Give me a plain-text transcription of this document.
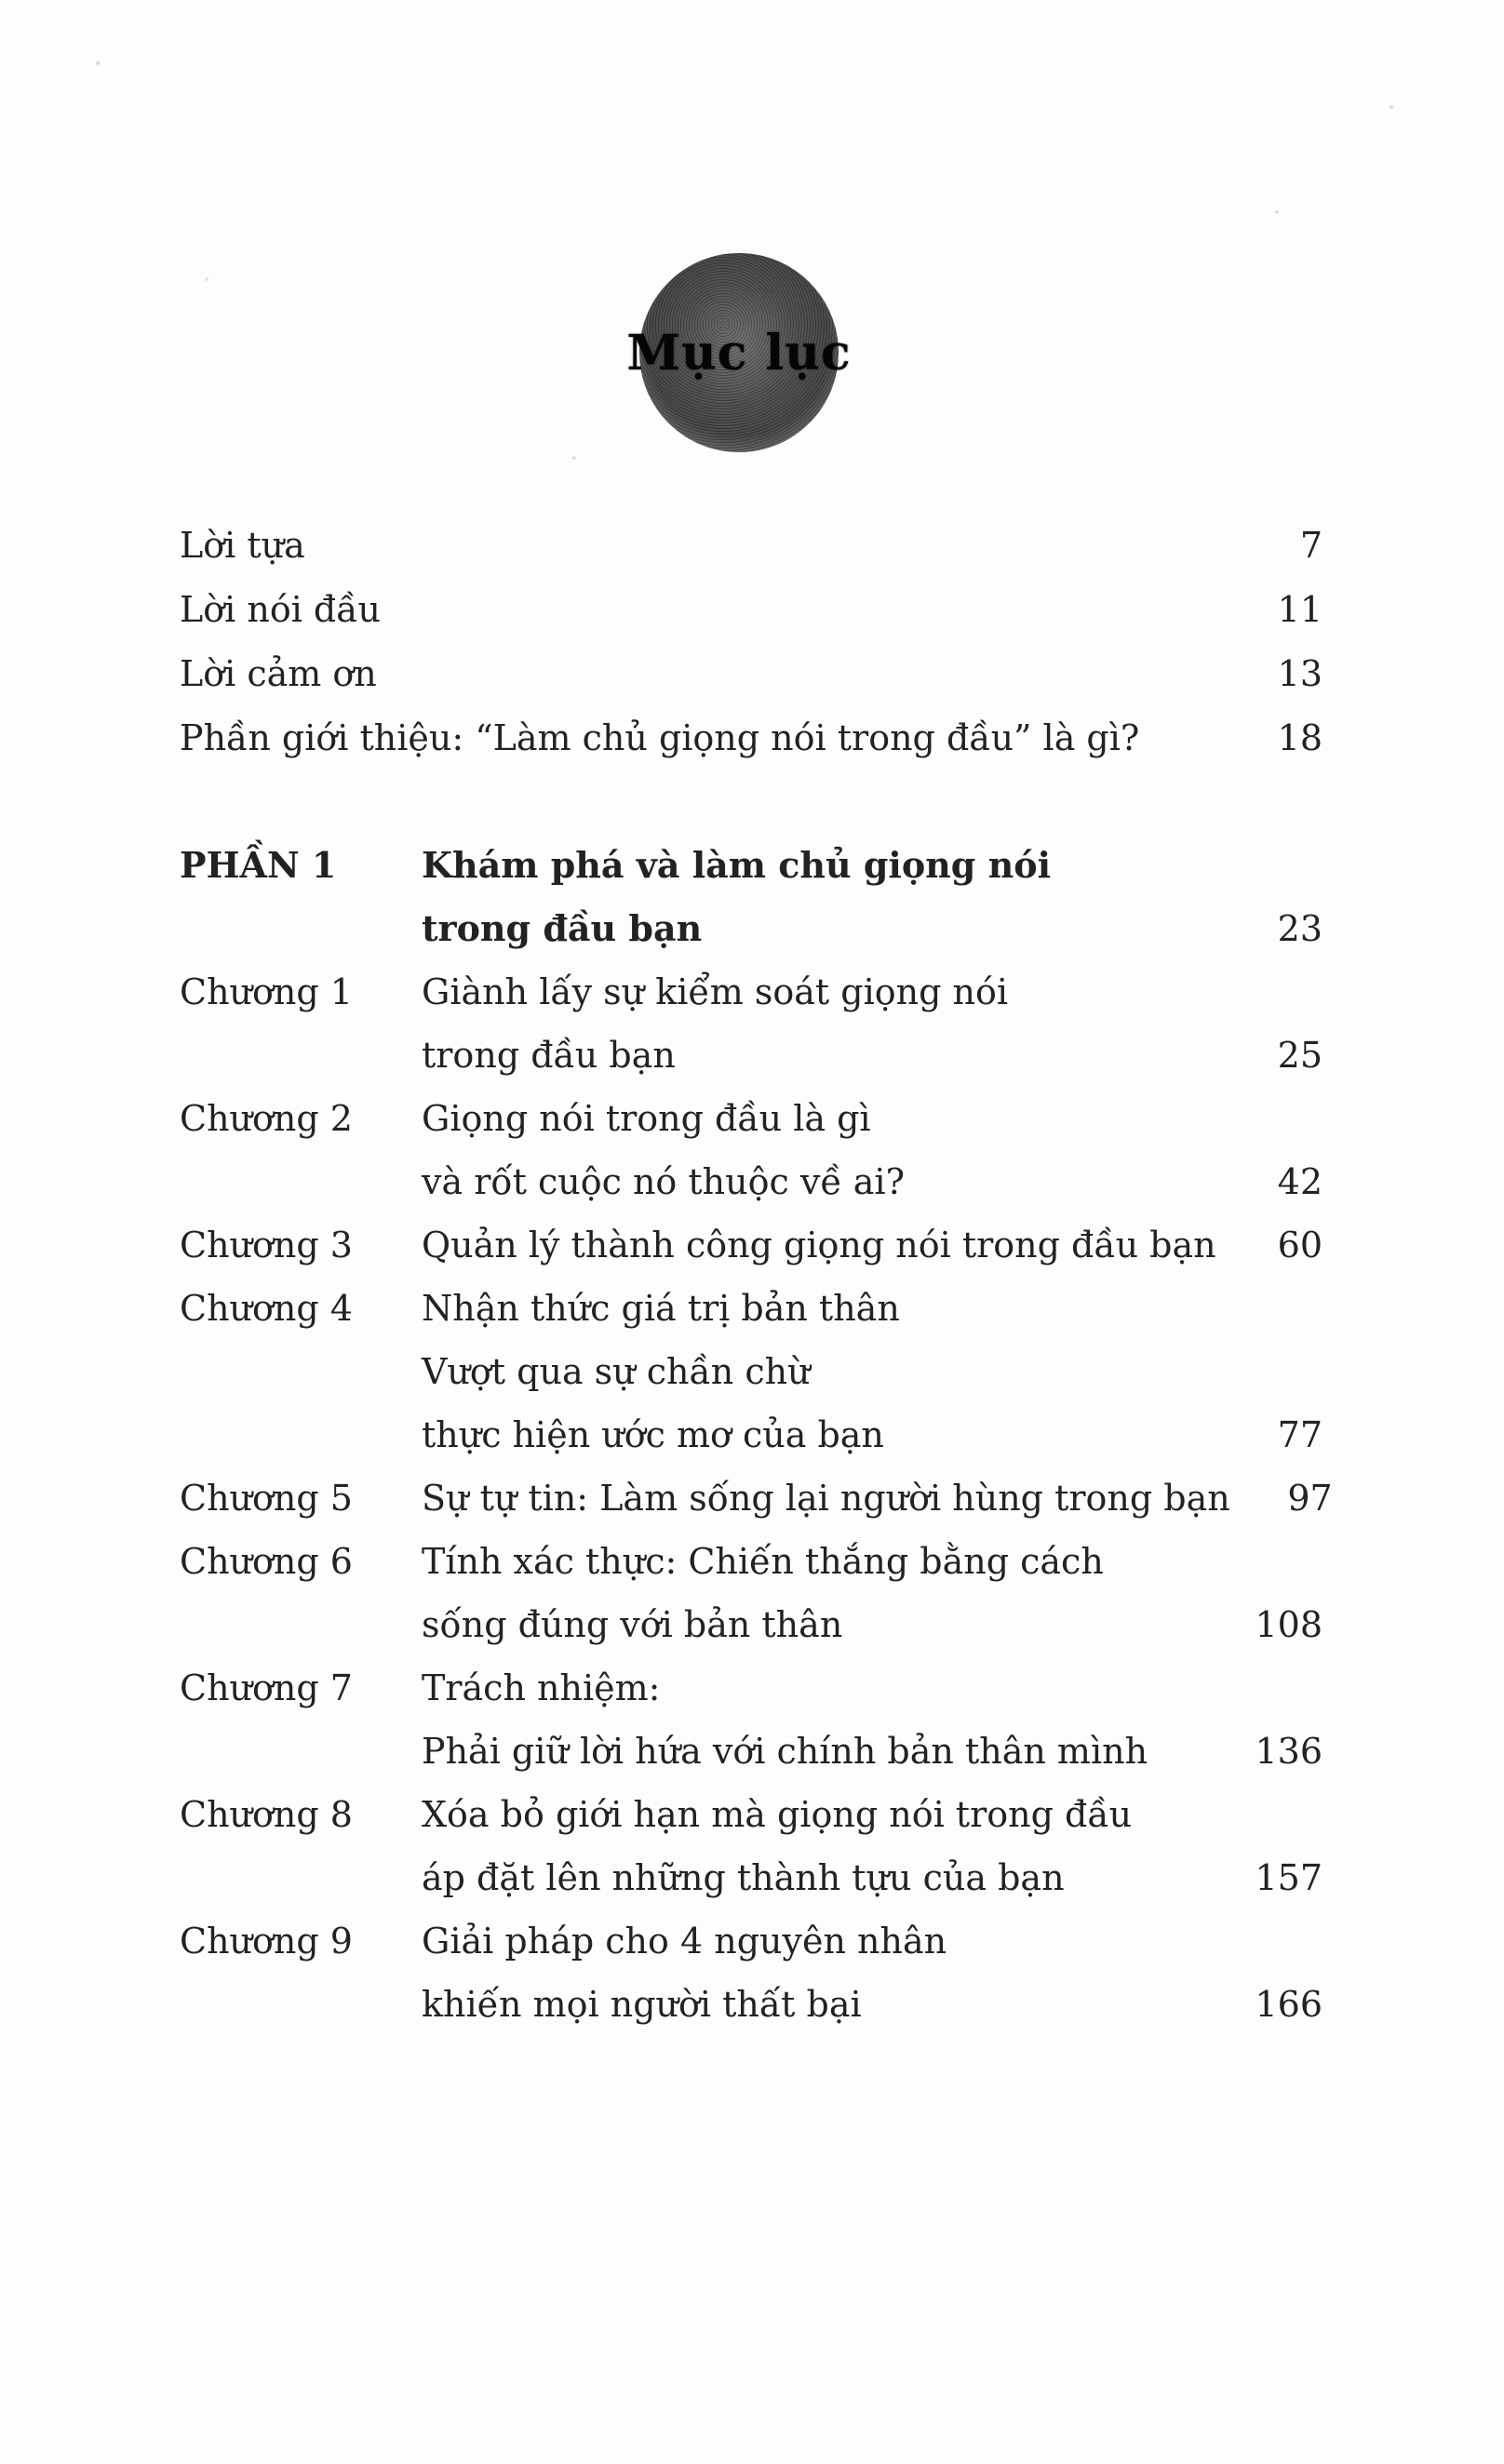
Mục lục
Lời tựa	7
Lời nói đầu	11
Lời cảm ơn	13
Phần giới thiệu: “Làm chủ giọng nói trong đầu” là gì?	18
PHẦN 1	Khám phá và làm chủ giọng nói
trong đầu bạn	23
Chương 1	Giành lấy sự kiểm soát giọng nói
trong đầu bạn	25
Chương 2	Giọng nói trong đầu là gì
và rốt cuộc nó thuộc về ai?	42
Chương 3	Quản lý thành công giọng nói trong đầu bạn	60
Chương 4	Nhận thức giá trị bản thân
Vượt qua sự chần chừ
thực hiện ước mơ của bạn	77
Chương 5	Sự tự tin: Làm sống lại người hùng trong bạn	97
Chương 6	Tính xác thực: Chiến thắng bằng cách
sống đúng với bản thân	108
Chương 7	Trách nhiệm:
Phải giữ lời hứa với chính bản thân mình	136
Chương 8	Xóa bỏ giới hạn mà giọng nói trong đầu
áp đặt lên những thành tựu của bạn	157
Chương 9	Giải pháp cho 4 nguyên nhân
khiến mọi người thất bại	166
